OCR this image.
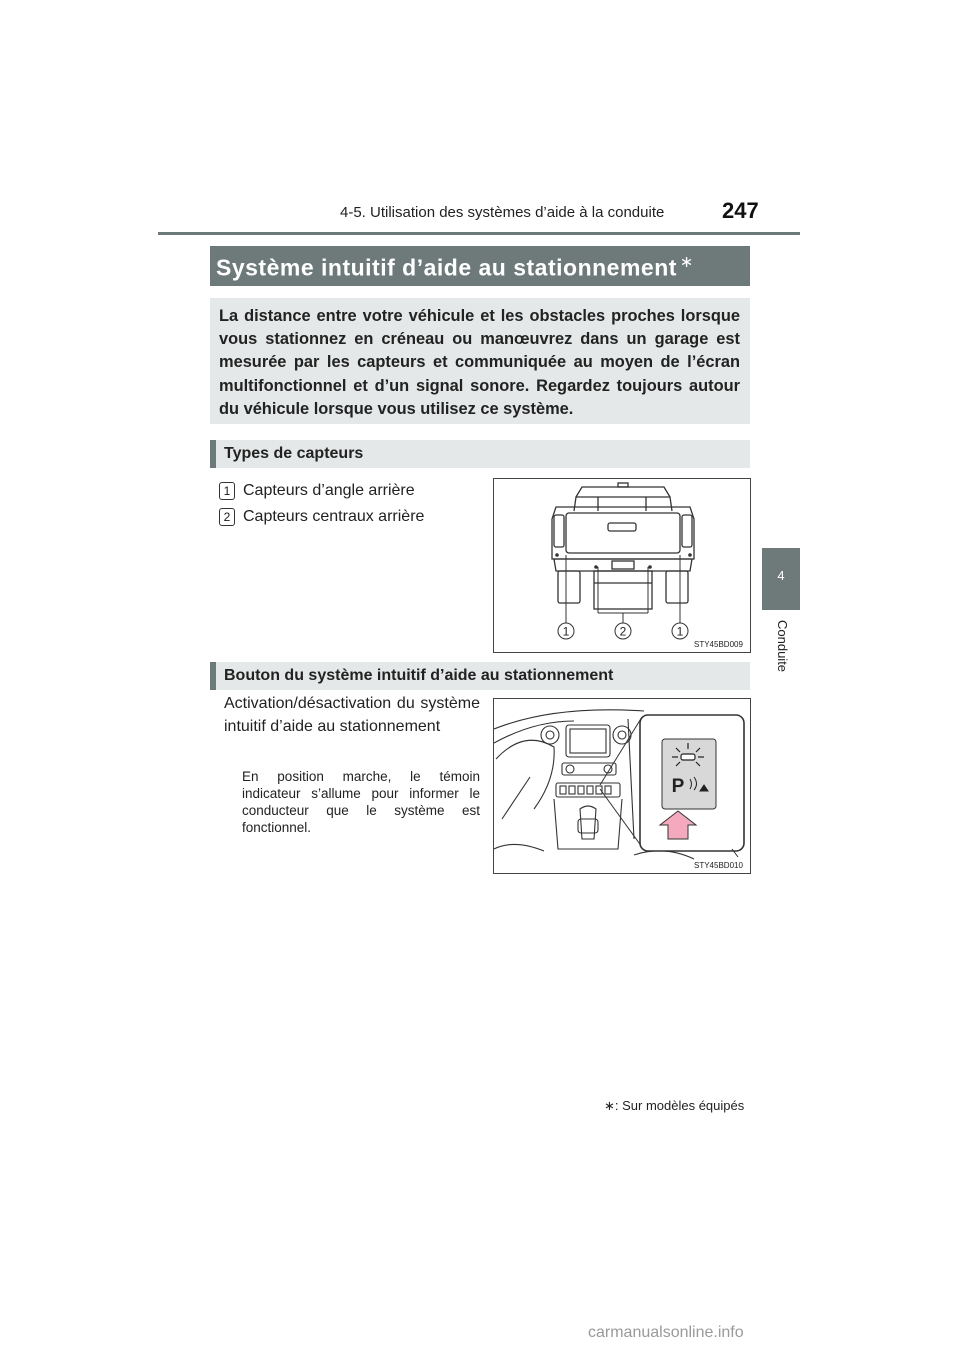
4-5. Utilisation des systèmes d’aide à la conduite	247
4
Conduite
Système intuitif d’aide au stationnement ∗
La distance entre votre véhicule et les obstacles proches lorsque vous stationnez en créneau ou manœuvrez dans un garage est mesurée par les capteurs et communiquée au moyen de l’écran multifonctionnel et d’un signal sonore. Regardez toujours autour du véhicule lorsque vous utilisez ce système.
Types de capteurs
1 Capteurs d’angle arrière
2 Capteurs centraux arrière
1	2	1
STY45BD009
Bouton du système intuitif d’aide au stationnement
Activation/désactivation du système intuitif d’aide au stationnement
En position marche, le témoin indicateur s’allume pour informer le conducteur que le système est fonctionnel.
P
STY45BD010
∗: Sur modèles équipés
carmanualsonline.info
